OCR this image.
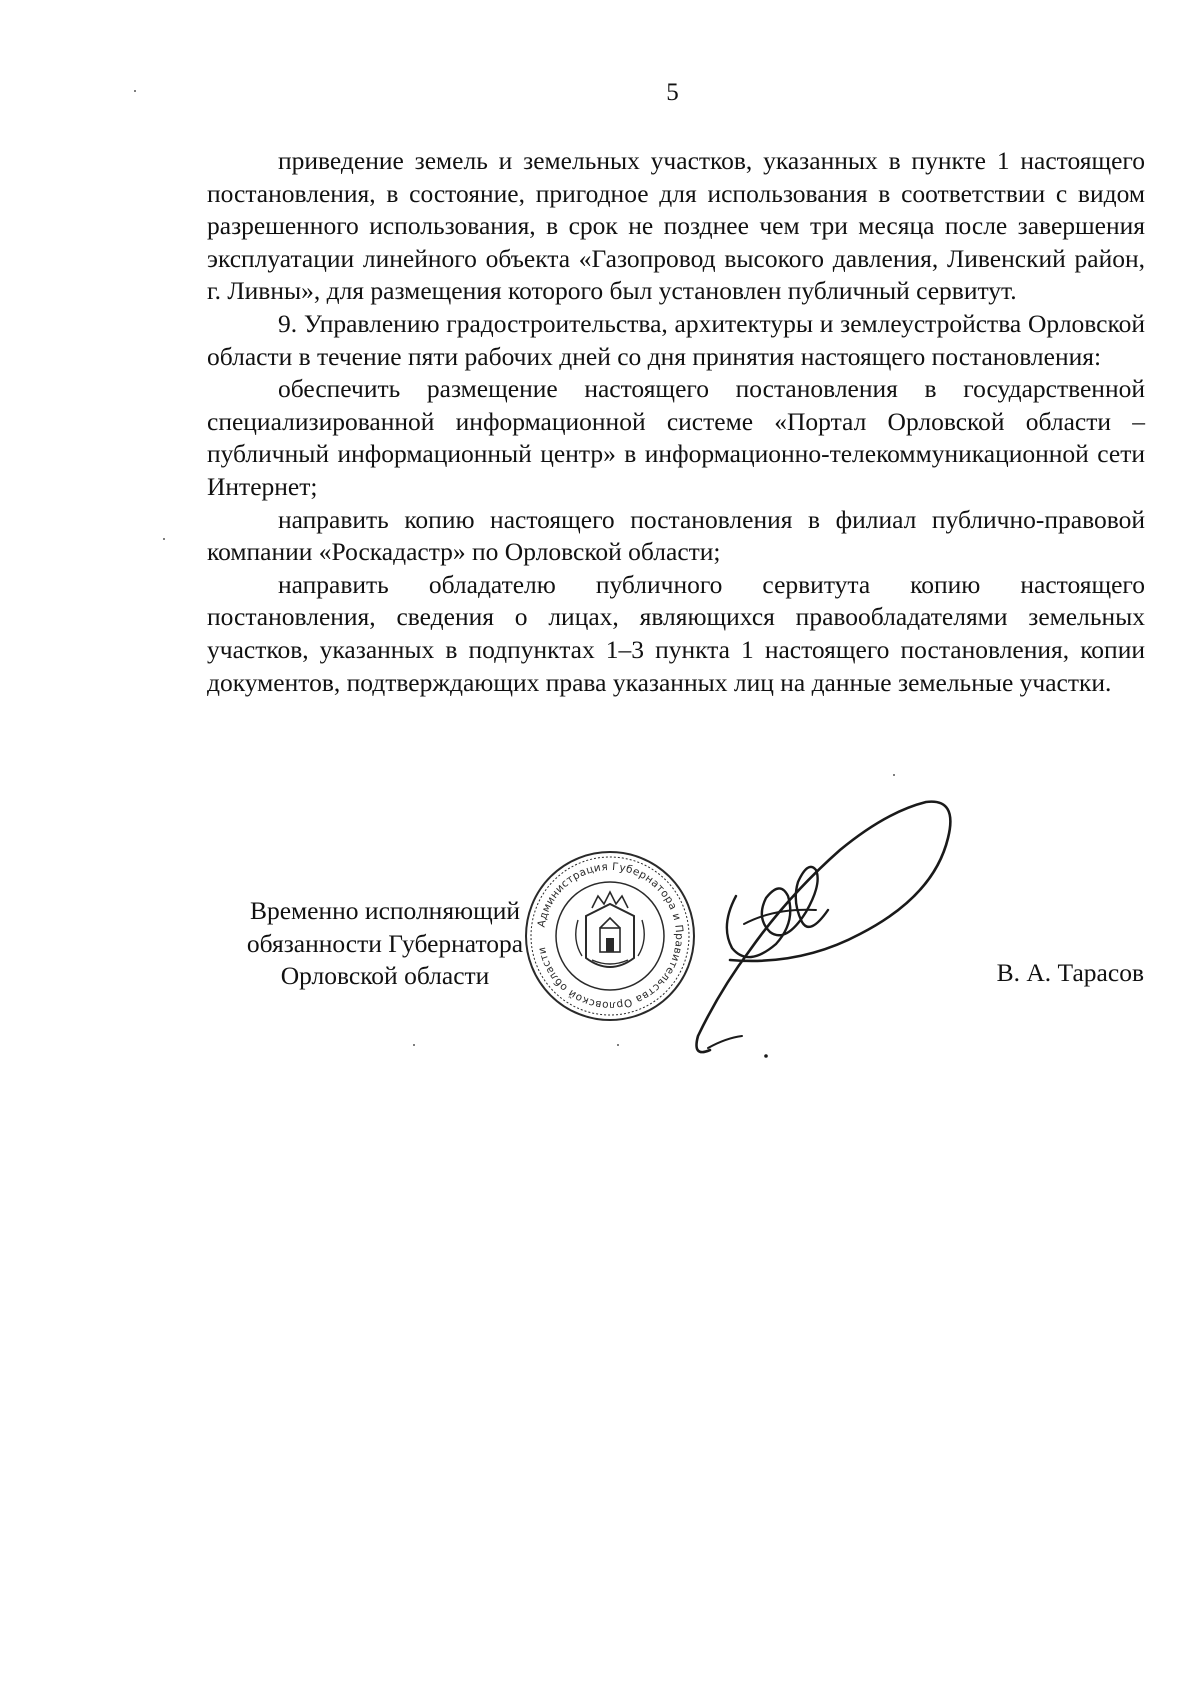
5

приведение земель и земельных участков, указанных в пункте 1 настоящего постановления, в состояние, пригодное для использования в соответствии с видом разрешенного использования, в срок не позднее чем три месяца после завершения эксплуатации линейного объекта «Газопровод высокого давления, Ливенский район, г. Ливны», для размещения которого был установлен публичный сервитут.

9. Управлению градостроительства, архитектуры и землеустройства Орловской области в течение пяти рабочих дней со дня принятия настоящего постановления:

обеспечить размещение настоящего постановления в государственной специализированной информационной системе «Портал Орловской области – публичный информационный центр» в информационно-телекоммуникационной сети Интернет;

направить копию настоящего постановления в филиал публично-правовой компании «Роскадастр» по Орловской области;

направить обладателю публичного сервитута копию настоящего постановления, сведения о лицах, являющихся правообладателями земельных участков, указанных в подпунктах 1–3 пункта 1 настоящего постановления, копии документов, подтверждающих права указанных лиц на данные земельные участки.

Временно исполняющий
обязанности Губернатора
Орловской области
Администрация Губернатора и Правительства Орловской области
В. А. Тарасов
